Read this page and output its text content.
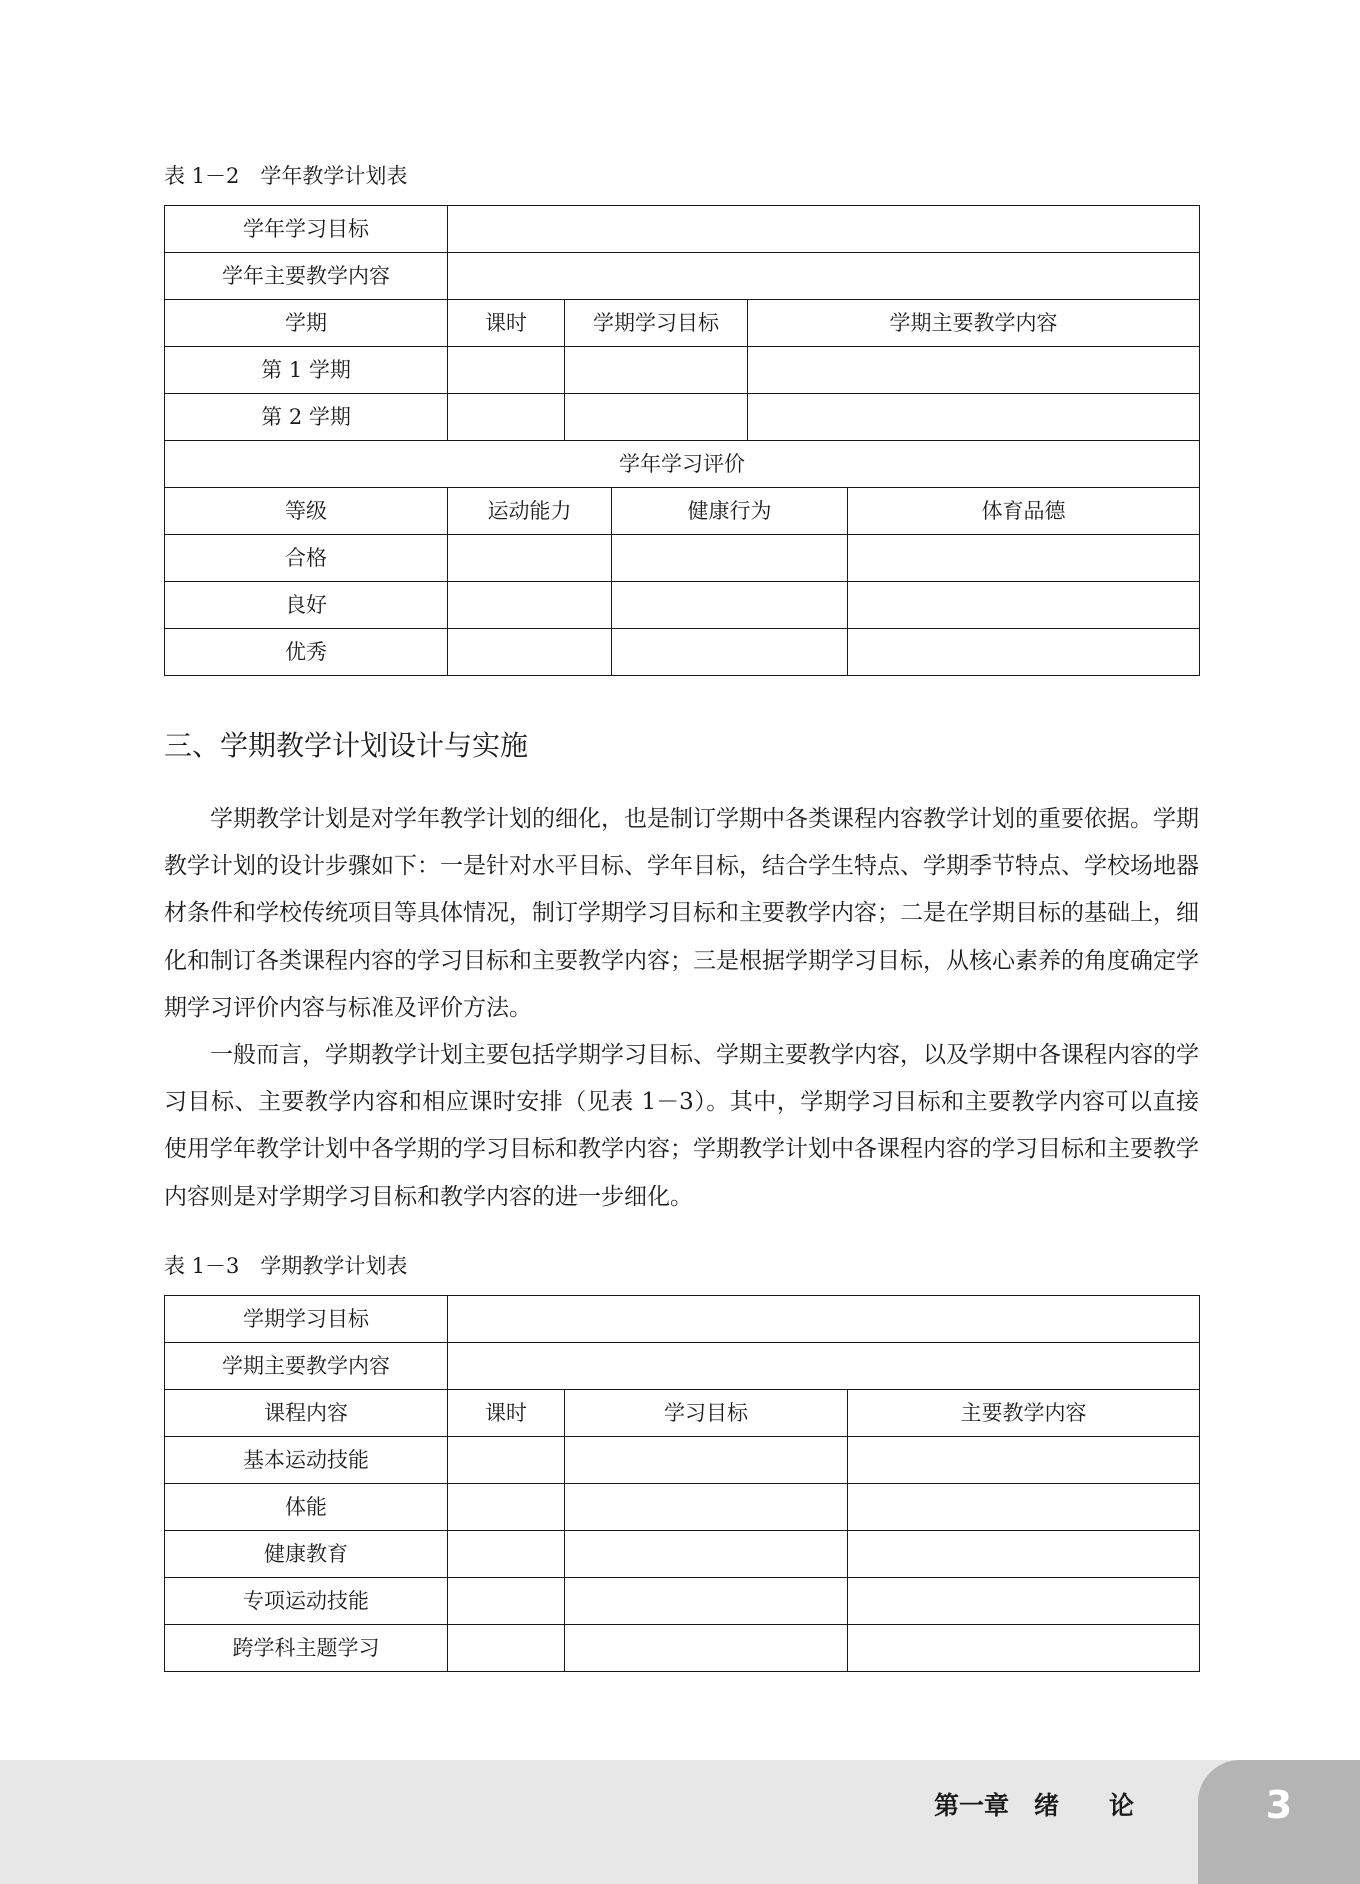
表 1－2　学年教学计划表
学年学习目标					
学年主要教学内容					
学期	课时	学期学习目标		学期主要教学内容	
第 1 学期					
第 2 学期					
学年学习评价					
等级	运动能力		健康行为		体育品德
合格					
良好					
优秀					
三、学期教学计划设计与实施

学期教学计划是对学年教学计划的细化，也是制订学期中各类课程内容教学计划的重要依据。学期教学计划的设计步骤如下：一是针对水平目标、学年目标，结合学生特点、学期季节特点、学校场地器材条件和学校传统项目等具体情况，制订学期学习目标和主要教学内容；二是在学期目标的基础上，细化和制订各类课程内容的学习目标和主要教学内容；三是根据学期学习目标，从核心素养的角度确定学期学习评价内容与标准及评价方法。

一般而言，学期教学计划主要包括学期学习目标、学期主要教学内容，以及学期中各课程内容的学习目标、主要教学内容和相应课时安排（见表 1－3）。其中，学期学习目标和主要教学内容可以直接使用学年教学计划中各学期的学习目标和教学内容；学期教学计划中各课程内容的学习目标和主要教学内容则是对学期学习目标和教学内容的进一步细化。

表 1－3　学期教学计划表
学期学习目标			
学期主要教学内容			
课程内容	课时	学习目标	主要教学内容
基本运动技能			
体能			
健康教育			
专项运动技能			
跨学科主题学习			
第一章　绪　　论	3
